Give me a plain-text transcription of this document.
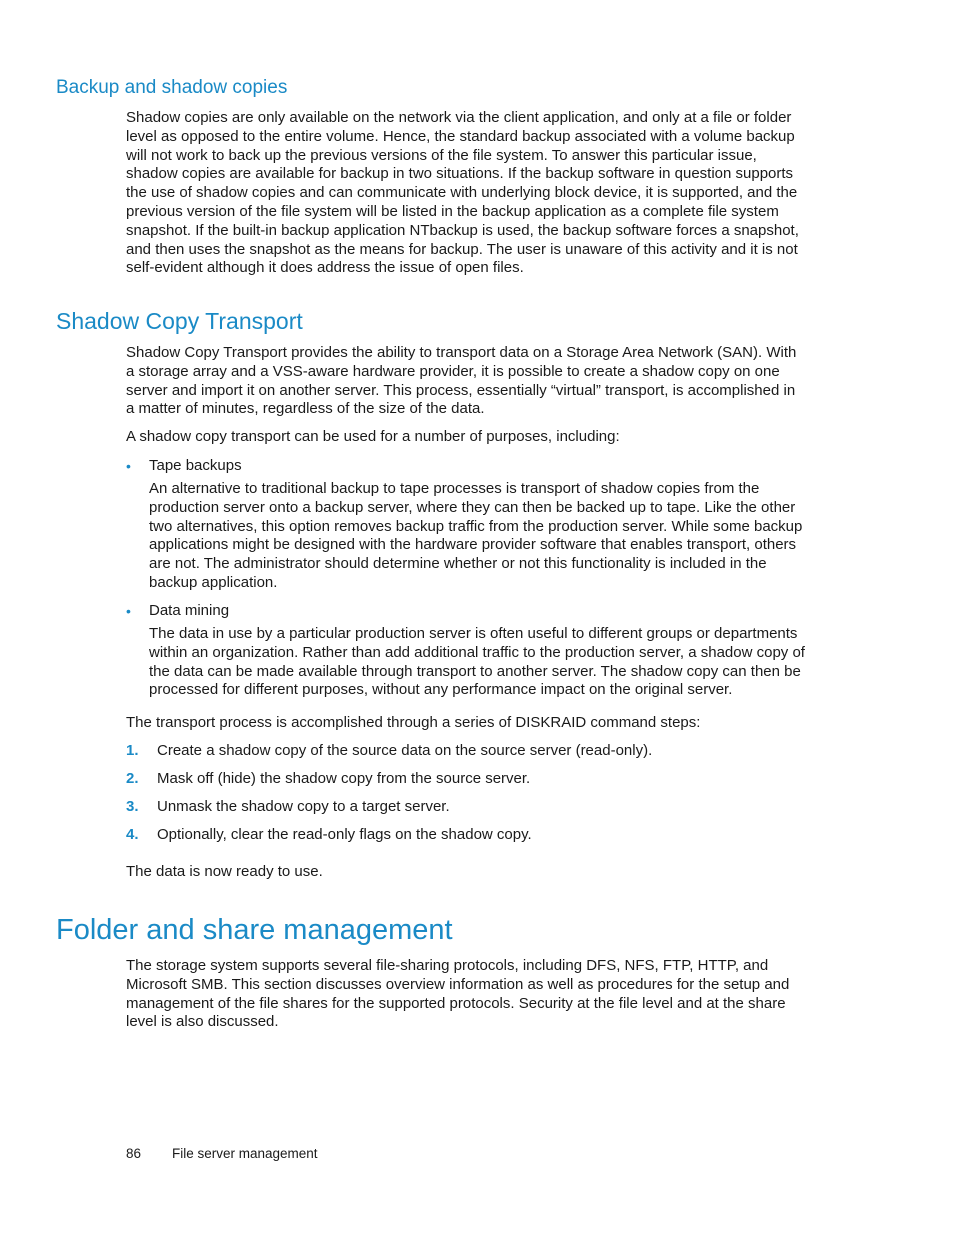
Backup and shadow copies

Shadow copies are only available on the network via the client application, and only at a file or folder level as opposed to the entire volume. Hence, the standard backup associated with a volume backup will not work to back up the previous versions of the file system. To answer this particular issue, shadow copies are available for backup in two situations. If the backup software in question supports the use of shadow copies and can communicate with underlying block device, it is supported, and the previous version of the file system will be listed in the backup application as a complete file system snapshot. If the built-in backup application NTbackup is used, the backup software forces a snapshot, and then uses the snapshot as the means for backup. The user is unaware of this activity and it is not self-evident although it does address the issue of open files.

Shadow Copy Transport

Shadow Copy Transport provides the ability to transport data on a Storage Area Network (SAN). With a storage array and a VSS-aware hardware provider, it is possible to create a shadow copy on one server and import it on another server. This process, essentially “virtual” transport, is accomplished in a matter of minutes, regardless of the size of the data.

A shadow copy transport can be used for a number of purposes, including:

• Tape backups

An alternative to traditional backup to tape processes is transport of shadow copies from the production server onto a backup server, where they can then be backed up to tape. Like the other two alternatives, this option removes backup traffic from the production server. While some backup applications might be designed with the hardware provider software that enables transport, others are not. The administrator should determine whether or not this functionality is included in the backup application.

• Data mining

The data in use by a particular production server is often useful to different groups or departments within an organization. Rather than add additional traffic to the production server, a shadow copy of the data can be made available through transport to another server. The shadow copy can then be processed for different purposes, without any performance impact on the original server.

The transport process is accomplished through a series of DISKRAID command steps:

1. Create a shadow copy of the source data on the source server (read-only).
2. Mask off (hide) the shadow copy from the source server.
3. Unmask the shadow copy to a target server.
4. Optionally, clear the read-only flags on the shadow copy.

The data is now ready to use.

Folder and share management

The storage system supports several file-sharing protocols, including DFS, NFS, FTP, HTTP, and Microsoft SMB. This section discusses overview information as well as procedures for the setup and management of the file shares for the supported protocols. Security at the file level and at the share level is also discussed.

86 File server management
